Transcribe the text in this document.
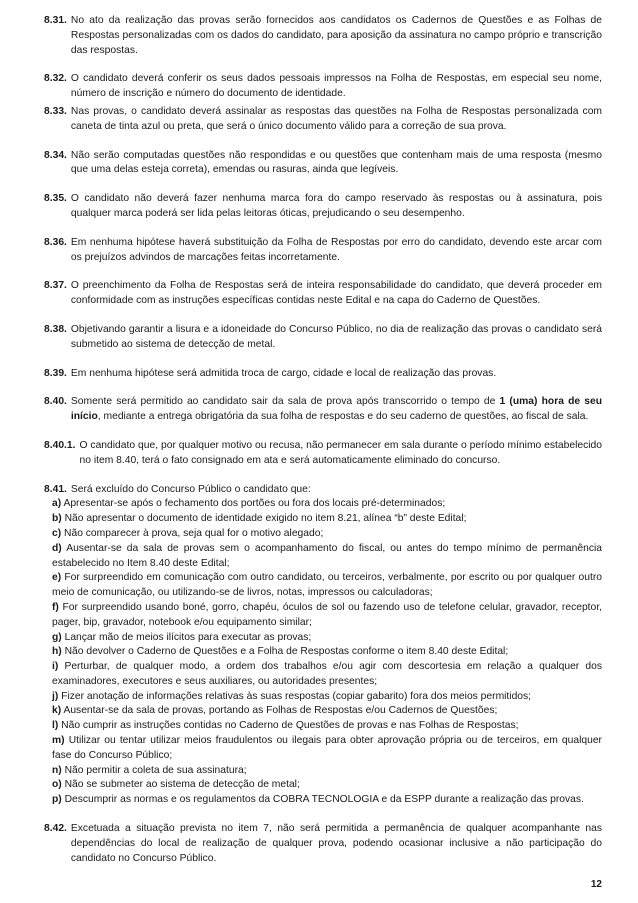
8.31. No ato da realização das provas serão fornecidos aos candidatos os Cadernos de Questões e as Folhas de Respostas personalizadas com os dados do candidato, para aposição da assinatura no campo próprio e transcrição das respostas.
8.32. O candidato deverá conferir os seus dados pessoais impressos na Folha de Respostas, em especial seu nome, número de inscrição e número do documento de identidade.
8.33. Nas provas, o candidato deverá assinalar as respostas das questões na Folha de Respostas personalizada com caneta de tinta azul ou preta, que será o único documento válido para a correção de sua prova.
8.34. Não serão computadas questões não respondidas e ou questões que contenham mais de uma resposta (mesmo que uma delas esteja correta), emendas ou rasuras, ainda que legíveis.
8.35. O candidato não deverá fazer nenhuma marca fora do campo reservado às respostas ou à assinatura, pois qualquer marca poderá ser lida pelas leitoras óticas, prejudicando o seu desempenho.
8.36. Em nenhuma hipótese haverá substituição da Folha de Respostas por erro do candidato, devendo este arcar com os prejuízos advindos de marcações feitas incorretamente.
8.37. O preenchimento da Folha de Respostas será de inteira responsabilidade do candidato, que deverá proceder em conformidade com as instruções específicas contidas neste Edital e na capa do Caderno de Questões.
8.38. Objetivando garantir a lisura e a idoneidade do Concurso Público, no dia de realização das provas o candidato será submetido ao sistema de detecção de metal.
8.39. Em nenhuma hipótese será admitida troca de cargo, cidade e local de realização das provas.
8.40. Somente será permitido ao candidato sair da sala de prova após transcorrido o tempo de 1 (uma) hora de seu início, mediante a entrega obrigatória da sua folha de respostas e do seu caderno de questões, ao fiscal de sala.
8.40.1. O candidato que, por qualquer motivo ou recusa, não permanecer em sala durante o período mínimo estabelecido no item 8.40, terá o fato consignado em ata e será automaticamente eliminado do concurso.
8.41. Será excluído do Concurso Público o candidato que:
a) Apresentar-se após o fechamento dos portões ou fora dos locais pré-determinados;
b) Não apresentar o documento de identidade exigido no item 8.21, alínea “b” deste Edital;
c) Não comparecer à prova, seja qual for o motivo alegado;
d) Ausentar-se da sala de provas sem o acompanhamento do fiscal, ou antes do tempo mínimo de permanência estabelecido no Item 8.40 deste Edital;
e) For surpreendido em comunicação com outro candidato, ou terceiros, verbalmente, por escrito ou por qualquer outro meio de comunicação, ou utilizando-se de livros, notas, impressos ou calculadoras;
f) For surpreendido usando boné, gorro, chapéu, óculos de sol ou fazendo uso de telefone celular, gravador, receptor, pager, bip, gravador, notebook e/ou equipamento similar;
g) Lançar mão de meios ilícitos para executar as provas;
h) Não devolver o Caderno de Questões e a Folha de Respostas conforme o item 8.40 deste Edital;
i) Perturbar, de qualquer modo, a ordem dos trabalhos e/ou agir com descortesia em relação a qualquer dos examinadores, executores e seus auxiliares, ou autoridades presentes;
j) Fizer anotação de informações relativas às suas respostas (copiar gabarito) fora dos meios permitidos;
k) Ausentar-se da sala de provas, portando as Folhas de Respostas e/ou Cadernos de Questões;
l) Não cumprir as instruções contidas no Caderno de Questões de provas e nas Folhas de Respostas;
m) Utilizar ou tentar utilizar meios fraudulentos ou ilegais para obter aprovação própria ou de terceiros, em qualquer fase do Concurso Público;
n) Não permitir a coleta de sua assinatura;
o) Não se submeter ao sistema de detecção de metal;
p) Descumprir as normas e os regulamentos da COBRA TECNOLOGIA e da ESPP durante a realização das provas.
8.42. Excetuada a situação prevista no item 7, não será permitida a permanência de qualquer acompanhante nas dependências do local de realização de qualquer prova, podendo ocasionar inclusive a não participação do candidato no Concurso Público.
12
